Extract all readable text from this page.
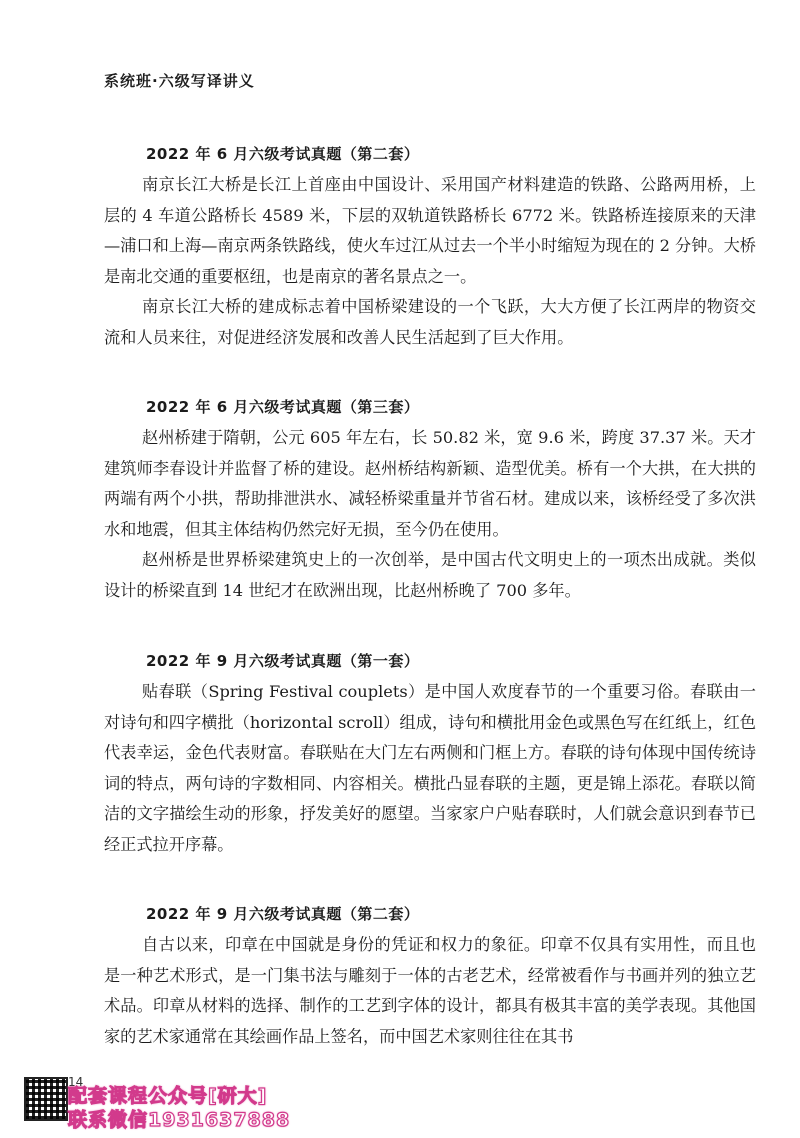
系统班·六级写译讲义
2022 年 6 月六级考试真题（第二套）

南京长江大桥是长江上首座由中国设计、采用国产材料建造的铁路、公路两用桥，上层的 4 车道公路桥长 4589 米，下层的双轨道铁路桥长 6772 米。铁路桥连接原来的天津—浦口和上海—南京两条铁路线，使火车过江从过去一个半小时缩短为现在的 2 分钟。大桥是南北交通的重要枢纽，也是南京的著名景点之一。

南京长江大桥的建成标志着中国桥梁建设的一个飞跃，大大方便了长江两岸的物资交流和人员来往，对促进经济发展和改善人民生活起到了巨大作用。

2022 年 6 月六级考试真题（第三套）

赵州桥建于隋朝，公元 605 年左右，长 50.82 米，宽 9.6 米，跨度 37.37 米。天才建筑师李春设计并监督了桥的建设。赵州桥结构新颖、造型优美。桥有一个大拱，在大拱的两端有两个小拱，帮助排泄洪水、减轻桥梁重量并节省石材。建成以来，该桥经受了多次洪水和地震，但其主体结构仍然完好无损，至今仍在使用。

赵州桥是世界桥梁建筑史上的一次创举，是中国古代文明史上的一项杰出成就。类似设计的桥梁直到 14 世纪才在欧洲出现，比赵州桥晚了 700 多年。

2022 年 9 月六级考试真题（第一套）

贴春联（Spring Festival couplets）是中国人欢度春节的一个重要习俗。春联由一对诗句和四字横批（horizontal scroll）组成，诗句和横批用金色或黑色写在红纸上，红色代表幸运，金色代表财富。春联贴在大门左右两侧和门框上方。春联的诗句体现中国传统诗词的特点，两句诗的字数相同、内容相关。横批凸显春联的主题，更是锦上添花。春联以简洁的文字描绘生动的形象，抒发美好的愿望。当家家户户贴春联时，人们就会意识到春节已经正式拉开序幕。

2022 年 9 月六级考试真题（第二套）

自古以来，印章在中国就是身份的凭证和权力的象征。印章不仅具有实用性，而且也是一种艺术形式，是一门集书法与雕刻于一体的古老艺术，经常被看作与书画并列的独立艺术品。印章从材料的选择、制作的工艺到字体的设计，都具有极其丰富的美学表现。其他国家的艺术家通常在其绘画作品上签名，而中国艺术家则往往在其书

14
配套课程公众号[研大]
联系微信1931637888
